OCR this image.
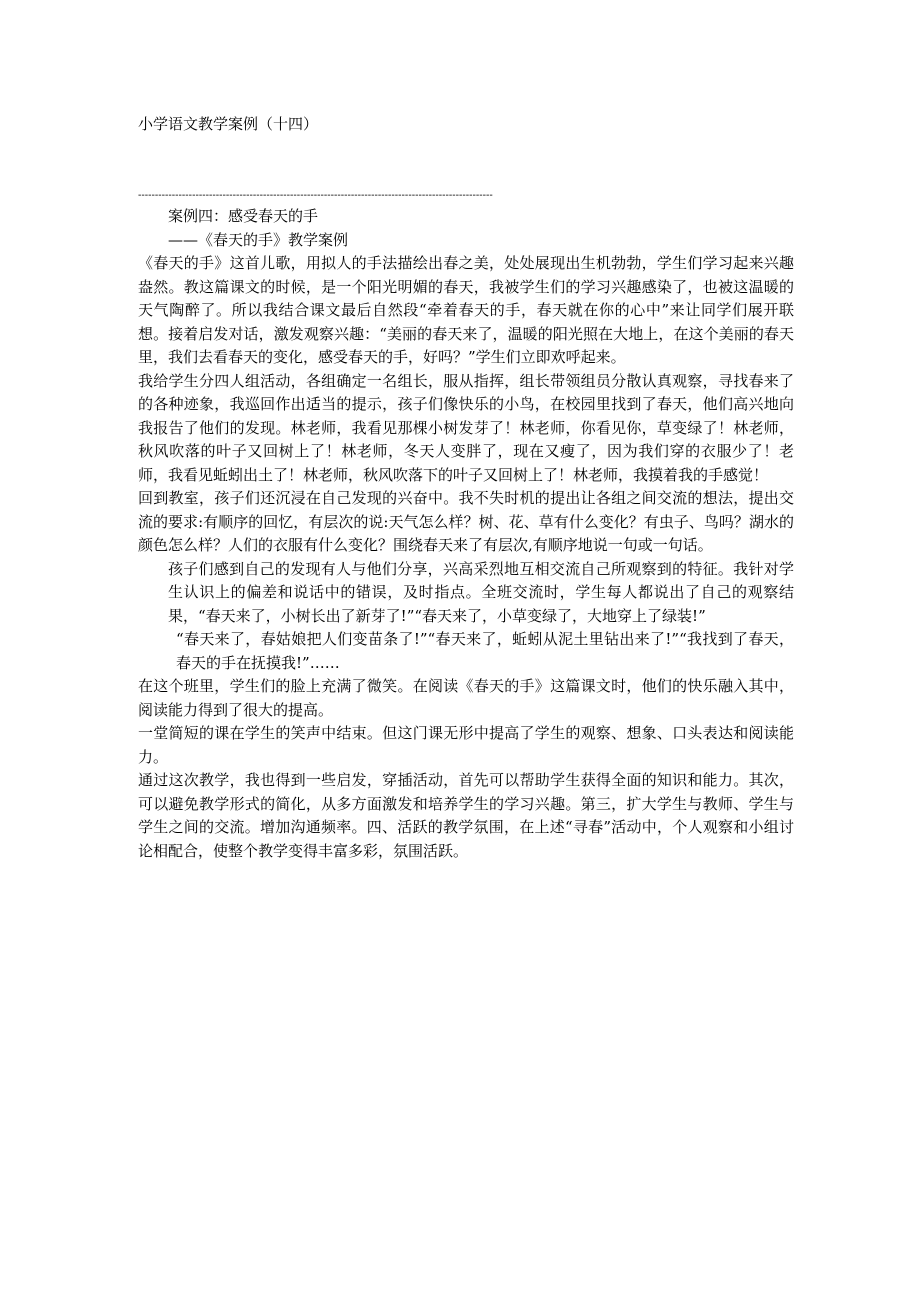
小学语文教学案例（十四）
---------------------------------------------------------------------------------------------------------

案例四：感受春天的手

——《春天的手》教学案例

《春天的手》这首儿歌，用拟人的手法描绘出春之美，处处展现出生机勃勃，学生们学习起来兴趣盎然。教这篇课文的时候，是一个阳光明媚的春天，我被学生们的学习兴趣感染了，也被这温暖的天气陶醉了。所以我结合课文最后自然段“牵着春天的手，春天就在你的心中”来让同学们展开联想。接着启发对话，激发观察兴趣：“美丽的春天来了，温暖的阳光照在大地上，在这个美丽的春天里，我们去看春天的变化，感受春天的手，好吗？”学生们立即欢呼起来。

我给学生分四人组活动，各组确定一名组长，服从指挥，组长带领组员分散认真观察，寻找春来了的各种迹象，我巡回作出适当的提示，孩子们像快乐的小鸟，在校园里找到了春天，他们高兴地向我报告了他们的发现。林老师，我看见那棵小树发芽了！林老师，你看见你，草变绿了！林老师，秋风吹落的叶子又回树上了！林老师，冬天人变胖了，现在又瘦了，因为我们穿的衣服少了！老师，我看见蚯蚓出土了！林老师，秋风吹落下的叶子又回树上了！林老师，我摸着我的手感觉！

回到教室，孩子们还沉浸在自己发现的兴奋中。我不失时机的提出让各组之间交流的想法，提出交流的要求:有顺序的回忆，有层次的说:天气怎么样？树、花、草有什么变化？有虫子、鸟吗？湖水的颜色怎么样？人们的衣服有什么变化？围绕春天来了有层次,有顺序地说一句或一句话。

孩子们感到自己的发现有人与他们分享，兴高采烈地互相交流自己所观察到的特征。我针对学生认识上的偏差和说话中的错误，及时指点。全班交流时，学生每人都说出了自己的观察结果，“春天来了，小树长出了新芽了!”“春天来了，小草变绿了，大地穿上了绿装!”

“春天来了，春姑娘把人们变苗条了!”“春天来了，蚯蚓从泥土里钻出来了!”“我找到了春天，春天的手在抚摸我!”……

在这个班里，学生们的脸上充满了微笑。在阅读《春天的手》这篇课文时，他们的快乐融入其中，阅读能力得到了很大的提高。

一堂简短的课在学生的笑声中结束。但这门课无形中提高了学生的观察、想象、口头表达和阅读能力。

通过这次教学，我也得到一些启发，穿插活动，首先可以帮助学生获得全面的知识和能力。其次，可以避免教学形式的简化，从多方面激发和培养学生的学习兴趣。第三，扩大学生与教师、学生与学生之间的交流。增加沟通频率。四、活跃的教学氛围，在上述“寻春”活动中，个人观察和小组讨论相配合，使整个教学变得丰富多彩，氛围活跃。
